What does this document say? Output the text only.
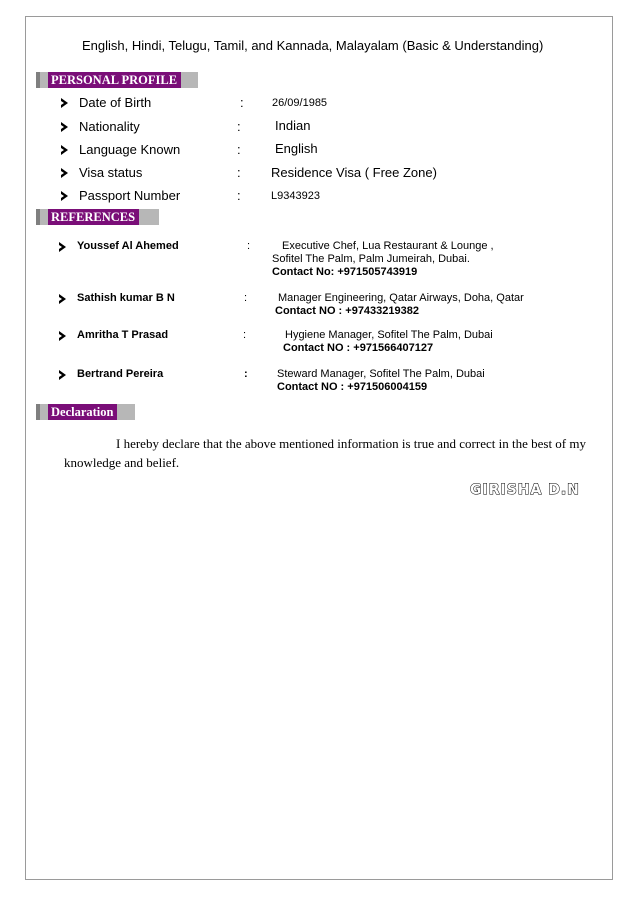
English, Hindi, Telugu, Tamil, and Kannada, Malayalam (Basic & Understanding)
PERSONAL PROFILE
Date of Birth	:	26/09/1985
Nationality	:	Indian
Language Known	:	English
Visa status	: Residence Visa ( Free Zone)
Passport Number	:	L9343923
REFERENCES
Youssef Al Ahemed	:	Executive Chef, Lua Restaurant & Lounge ,
Sofitel The Palm, Palm Jumeirah, Dubai.
Contact No: +971505743919
Sathish kumar B N	:	Manager Engineering, Qatar Airways, Doha, Qatar
Contact NO : +97433219382
Amritha T Prasad	:	Hygiene Manager, Sofitel The Palm, Dubai
Contact NO : +971566407127
Bertrand Pereira	:	Steward Manager, Sofitel The Palm, Dubai
Contact NO : +971506004159
Declaration
I hereby declare that the above mentioned information is true and correct in the best of my
knowledge and belief.
GIRISHA D.N
